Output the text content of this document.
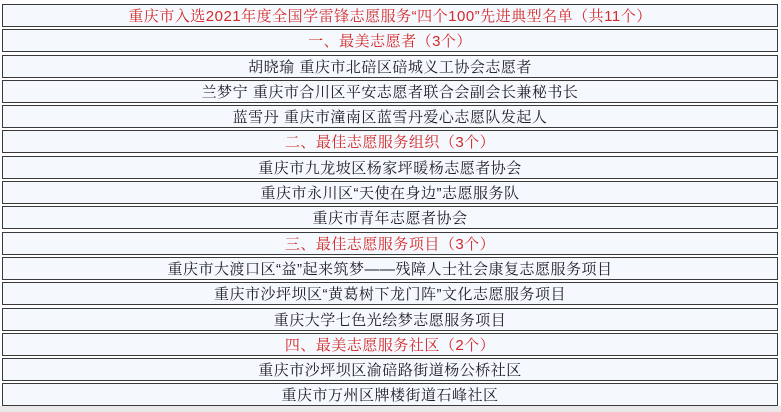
重庆市入选2021年度全国学雷锋志愿服务“四个100”先进典型名单（共11个）
一、最美志愿者（3个）
胡晓瑜 重庆市北碚区碚城义工协会志愿者
兰梦宁 重庆市合川区平安志愿者联合会副会长兼秘书长
蓝雪丹 重庆市潼南区蓝雪丹爱心志愿队发起人
二、最佳志愿服务组织（3个）
重庆市九龙坡区杨家坪暖杨志愿者协会
重庆市永川区“天使在身边”志愿服务队
重庆市青年志愿者协会
三、最佳志愿服务项目（3个）
重庆市大渡口区“益”起来筑梦——残障人士社会康复志愿服务项目
重庆市沙坪坝区“黄葛树下龙门阵”文化志愿服务项目
重庆大学七色光绘梦志愿服务项目
四、最美志愿服务社区（2个）
重庆市沙坪坝区渝碚路街道杨公桥社区
重庆市万州区牌楼街道石峰社区
